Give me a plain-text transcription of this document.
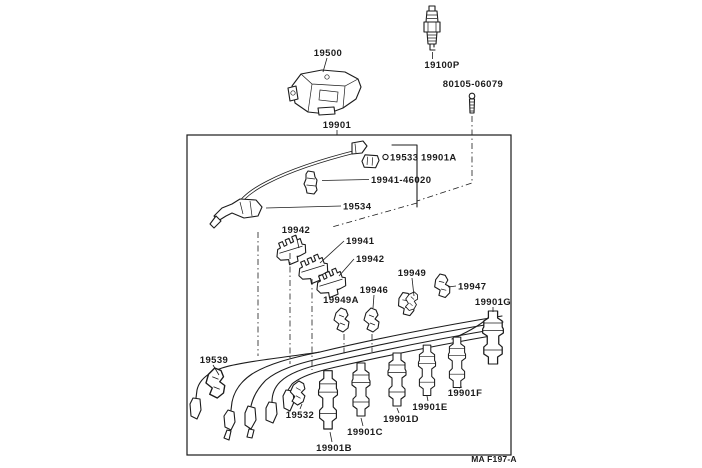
19500
19100P
80105-06079
19901
19533 19901A
19941-46020
19534
19942
19941
19942
19949
19946
19949A
19947
19901G
19539
19532
19901B
19901C
19901D
19901E
19901F
MA F197-A
